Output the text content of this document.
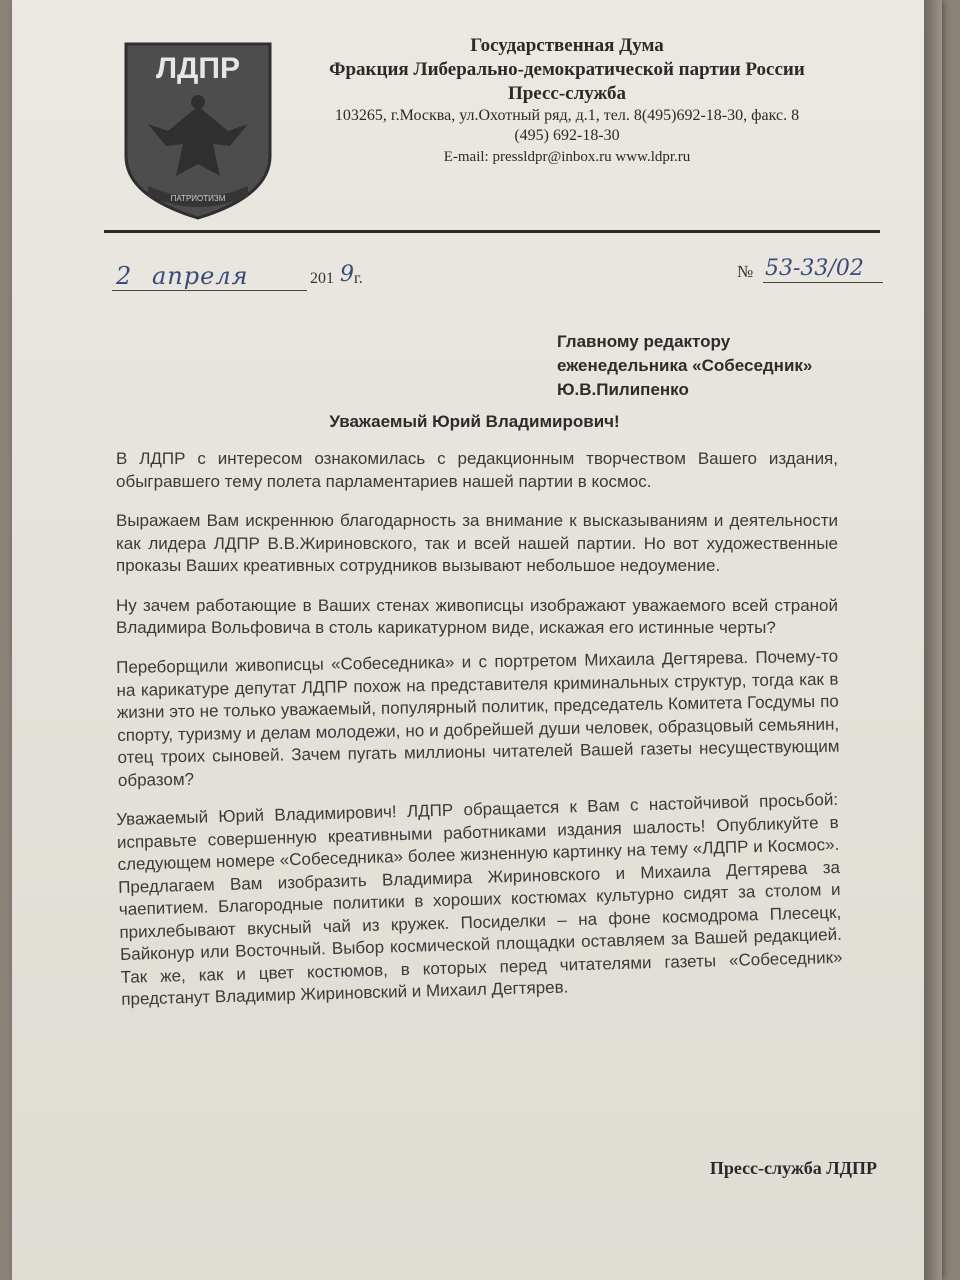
ЛДПР
ПАТРИОТИЗМ
Государственная Дума
Фракция Либерально-демократической партии России
Пресс-служба
103265, г.Москва, ул.Охотный ряд, д.1, тел. 8(495)692-18-30, факс. 8
(495) 692-18-30
E-mail: pressldpr@inbox.ru www.ldpr.ru
2 апреля	201 9 г.	№ 53-33/02
Главному редактору
еженедельника «Собеседник»
Ю.В.Пилипенко
Уважаемый Юрий Владимирович!

В ЛДПР с интересом ознакомилась с редакционным творчеством Вашего издания, обыгравшего тему полета парламентариев нашей партии в космос.

Выражаем Вам искреннюю благодарность за внимание к высказываниям и деятельности как лидера ЛДПР В.В.Жириновского, так и всей нашей партии. Но вот художественные проказы Ваших креативных сотрудников вызывают небольшое недоумение.

Ну зачем работающие в Ваших стенах живописцы изображают уважаемого всей страной Владимира Вольфовича в столь карикатурном виде, искажая его истинные черты?

Переборщили живописцы «Собеседника» и с портретом Михаила Дегтярева. Почему-то на карикатуре депутат ЛДПР похож на представителя криминальных структур, тогда как в жизни это не только уважаемый, популярный политик, председатель Комитета Госдумы по спорту, туризму и делам молодежи, но и добрейшей души человек, образцовый семьянин, отец троих сыновей. Зачем пугать миллионы читателей Вашей газеты несуществующим образом?

Уважаемый Юрий Владимирович! ЛДПР обращается к Вам с настойчивой просьбой: исправьте совершенную креативными работниками издания шалость! Опубликуйте в следующем номере «Собеседника» более жизненную картинку на тему «ЛДПР и Космос». Предлагаем Вам изобразить Владимира Жириновского и Михаила Дегтярева за чаепитием. Благородные политики в хороших костюмах культурно сидят за столом и прихлебывают вкусный чай из кружек. Посиделки – на фоне космодрома Плесецк, Байконур или Восточный. Выбор космической площадки оставляем за Вашей редакцией. Так же, как и цвет костюмов, в которых перед читателями газеты «Собеседник» предстанут Владимир Жириновский и Михаил Дегтярев.

Пресс-служба ЛДПР
